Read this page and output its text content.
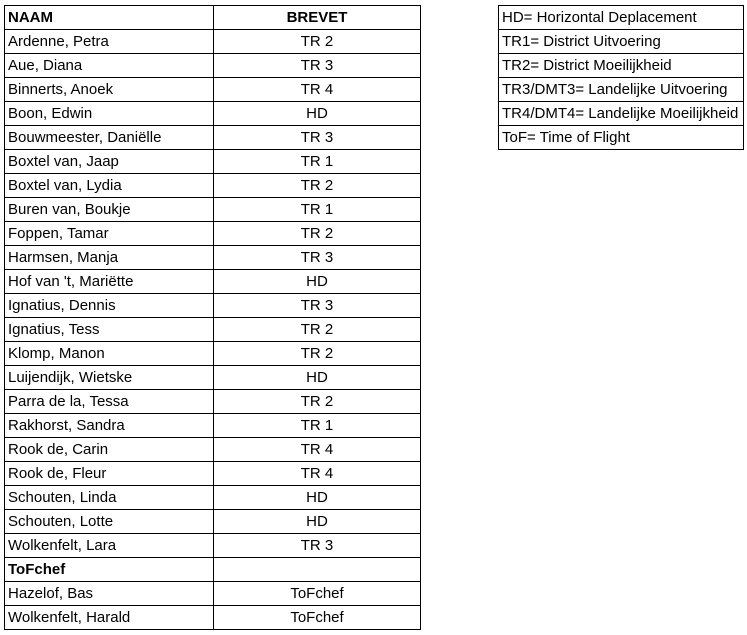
NAAM	BREVET
Ardenne, Petra	TR 2
Aue, Diana	TR 3
Binnerts, Anoek	TR 4
Boon, Edwin	HD
Bouwmeester, Daniëlle	TR 3
Boxtel van, Jaap	TR 1
Boxtel van, Lydia	TR 2
Buren van, Boukje	TR 1
Foppen, Tamar	TR 2
Harmsen, Manja	TR 3
Hof van 't, Mariëtte	HD
Ignatius, Dennis	TR 3
Ignatius, Tess	TR 2
Klomp, Manon	TR 2
Luijendijk, Wietske	HD
Parra de la, Tessa	TR 2
Rakhorst, Sandra	TR 1
Rook de, Carin	TR 4
Rook de, Fleur	TR 4
Schouten, Linda	HD
Schouten, Lotte	HD
Wolkenfelt, Lara	TR 3
ToFchef	
Hazelof, Bas	ToFchef
Wolkenfelt, Harald	ToFchef
HD= Horizontal Deplacement
TR1= District Uitvoering
TR2= District Moeilijkheid
TR3/DMT3= Landelijke Uitvoering
TR4/DMT4= Landelijke Moeilijkheid
ToF= Time of Flight
